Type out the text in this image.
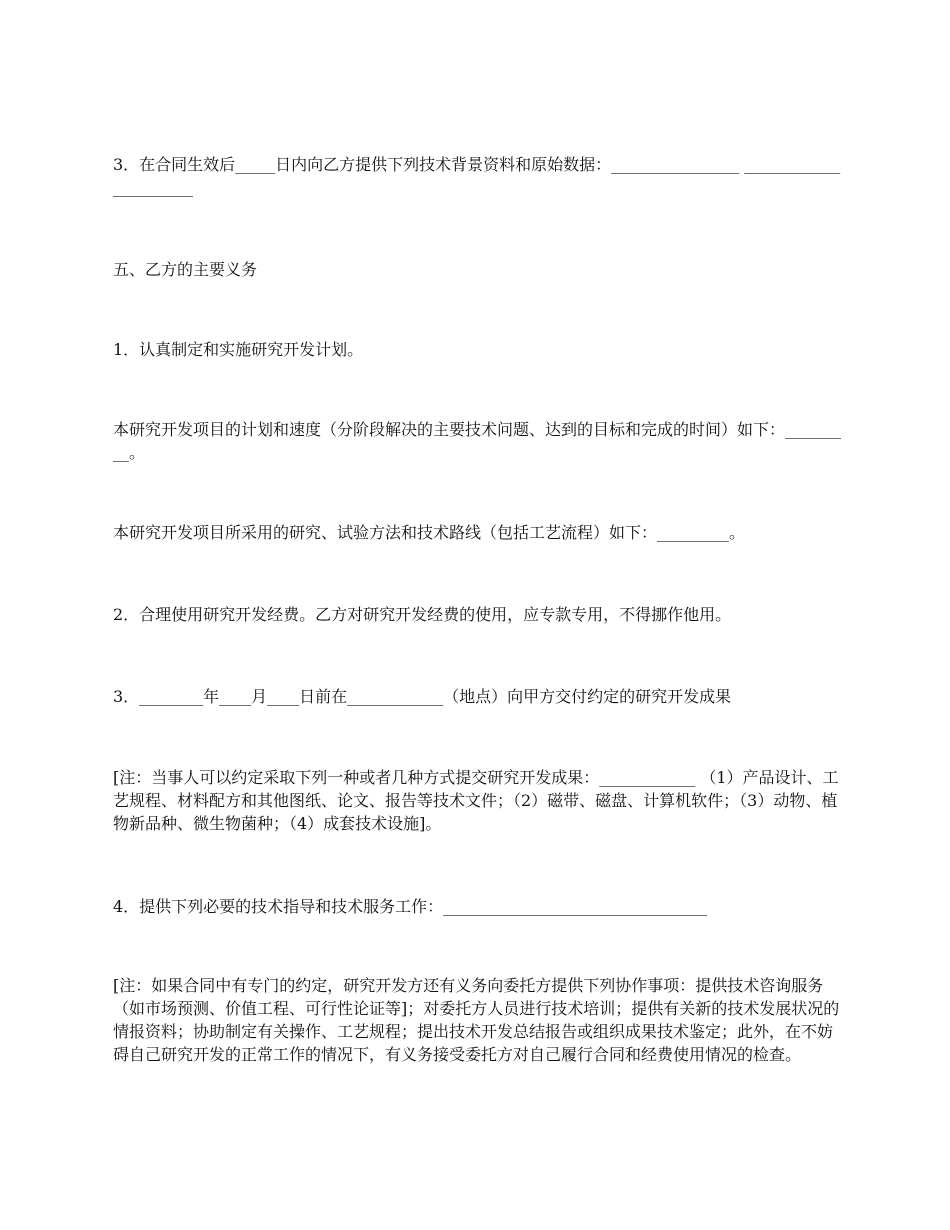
3．在合同生效后_____日内向乙方提供下列技术背景资料和原始数据：________________ ______________________

五、乙方的主要义务

1．认真制定和实施研究开发计划。

本研究开发项目的计划和速度（分阶段解决的主要技术问题、达到的目标和完成的时间）如下：_________。

本研究开发项目所采用的研究、试验方法和技术路线（包括工艺流程）如下：_________。

2．合理使用研究开发经费。乙方对研究开发经费的使用，应专款专用，不得挪作他用。

3．________年____月____日前在____________（地点）向甲方交付约定的研究开发成果

[注：当事人可以约定采取下列一种或者几种方式提交研究开发成果：____________ （1）产品设计、工艺规程、材料配方和其他图纸、论文、报告等技术文件；（2）磁带、磁盘、计算机软件；（3）动物、植物新品种、微生物菌种；（4）成套技术设施]。

4．提供下列必要的技术指导和技术服务工作：_________________________________

[注：如果合同中有专门的约定，研究开发方还有义务向委托方提供下列协作事项：提供技术咨询服务（如市场预测、价值工程、可行性论证等]；对委托方人员进行技术培训；提供有关新的技术发展状况的情报资料；协助制定有关操作、工艺规程；提出技术开发总结报告或组织成果技术鉴定；此外，在不妨碍自己研究开发的正常工作的情况下，有义务接受委托方对自己履行合同和经费使用情况的检查。
